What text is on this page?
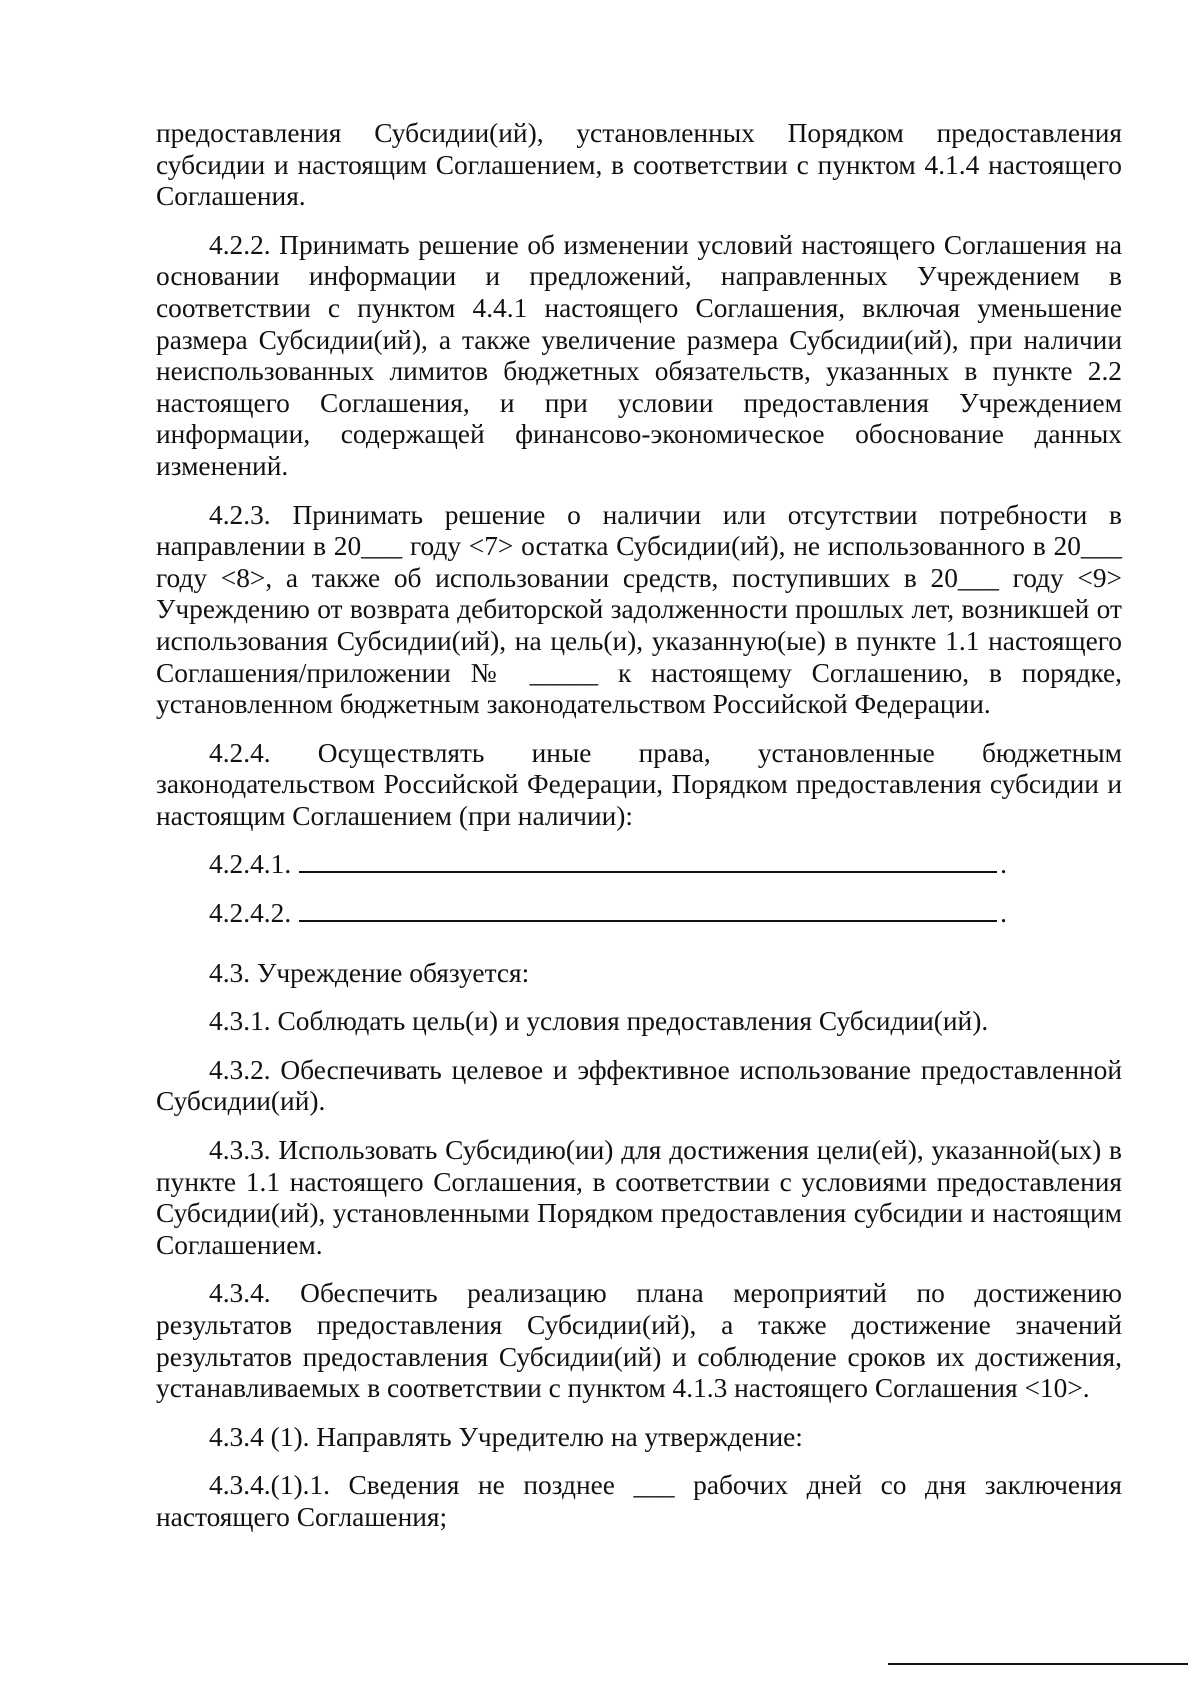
предоставления Субсидии(ий), установленных Порядком предоставления субсидии и настоящим Соглашением, в соответствии с пунктом 4.1.4 настоящего Соглашения.

4.2.2. Принимать решение об изменении условий настоящего Соглашения на основании информации и предложений, направленных Учреждением в соответствии с пунктом 4.4.1 настоящего Соглашения, включая уменьшение размера Субсидии(ий), а также увеличение размера Субсидии(ий), при наличии неиспользованных лимитов бюджетных обязательств, указанных в пункте 2.2 настоящего Соглашения, и при условии предоставления Учреждением информации, содержащей финансово-экономическое обоснование данных изменений.

4.2.3. Принимать решение о наличии или отсутствии потребности в направлении в 20___ году <7> остатка Субсидии(ий), не использованного в 20___ году <8>, а также об использовании средств, поступивших в 20___ году <9> Учреждению от возврата дебиторской задолженности прошлых лет, возникшей от использования Субсидии(ий), на цель(и), указанную(ые) в пункте 1.1 настоящего Соглашения/приложении № _____ к настоящему Соглашению, в порядке, установленном бюджетным законодательством Российской Федерации.

4.2.4. Осуществлять иные права, установленные бюджетным законодательством Российской Федерации, Порядком предоставления субсидии и настоящим Соглашением (при наличии):

4.2.4.1.	.
4.2.4.2.	.

4.3. Учреждение обязуется:

4.3.1. Соблюдать цель(и) и условия предоставления Субсидии(ий).

4.3.2. Обеспечивать целевое и эффективное использование предоставленной Субсидии(ий).

4.3.3. Использовать Субсидию(ии) для достижения цели(ей), указанной(ых) в пункте 1.1 настоящего Соглашения, в соответствии с условиями предоставления Субсидии(ий), установленными Порядком предоставления субсидии и настоящим Соглашением.

4.3.4. Обеспечить реализацию плана мероприятий по достижению результатов предоставления Субсидии(ий), а также достижение значений результатов предоставления Субсидии(ий) и соблюдение сроков их достижения, устанавливаемых в соответствии с пунктом 4.1.3 настоящего Соглашения <10>.

4.3.4 (1). Направлять Учредителю на утверждение:

4.3.4.(1).1. Сведения не позднее ___ рабочих дней со дня заключения настоящего Соглашения;
